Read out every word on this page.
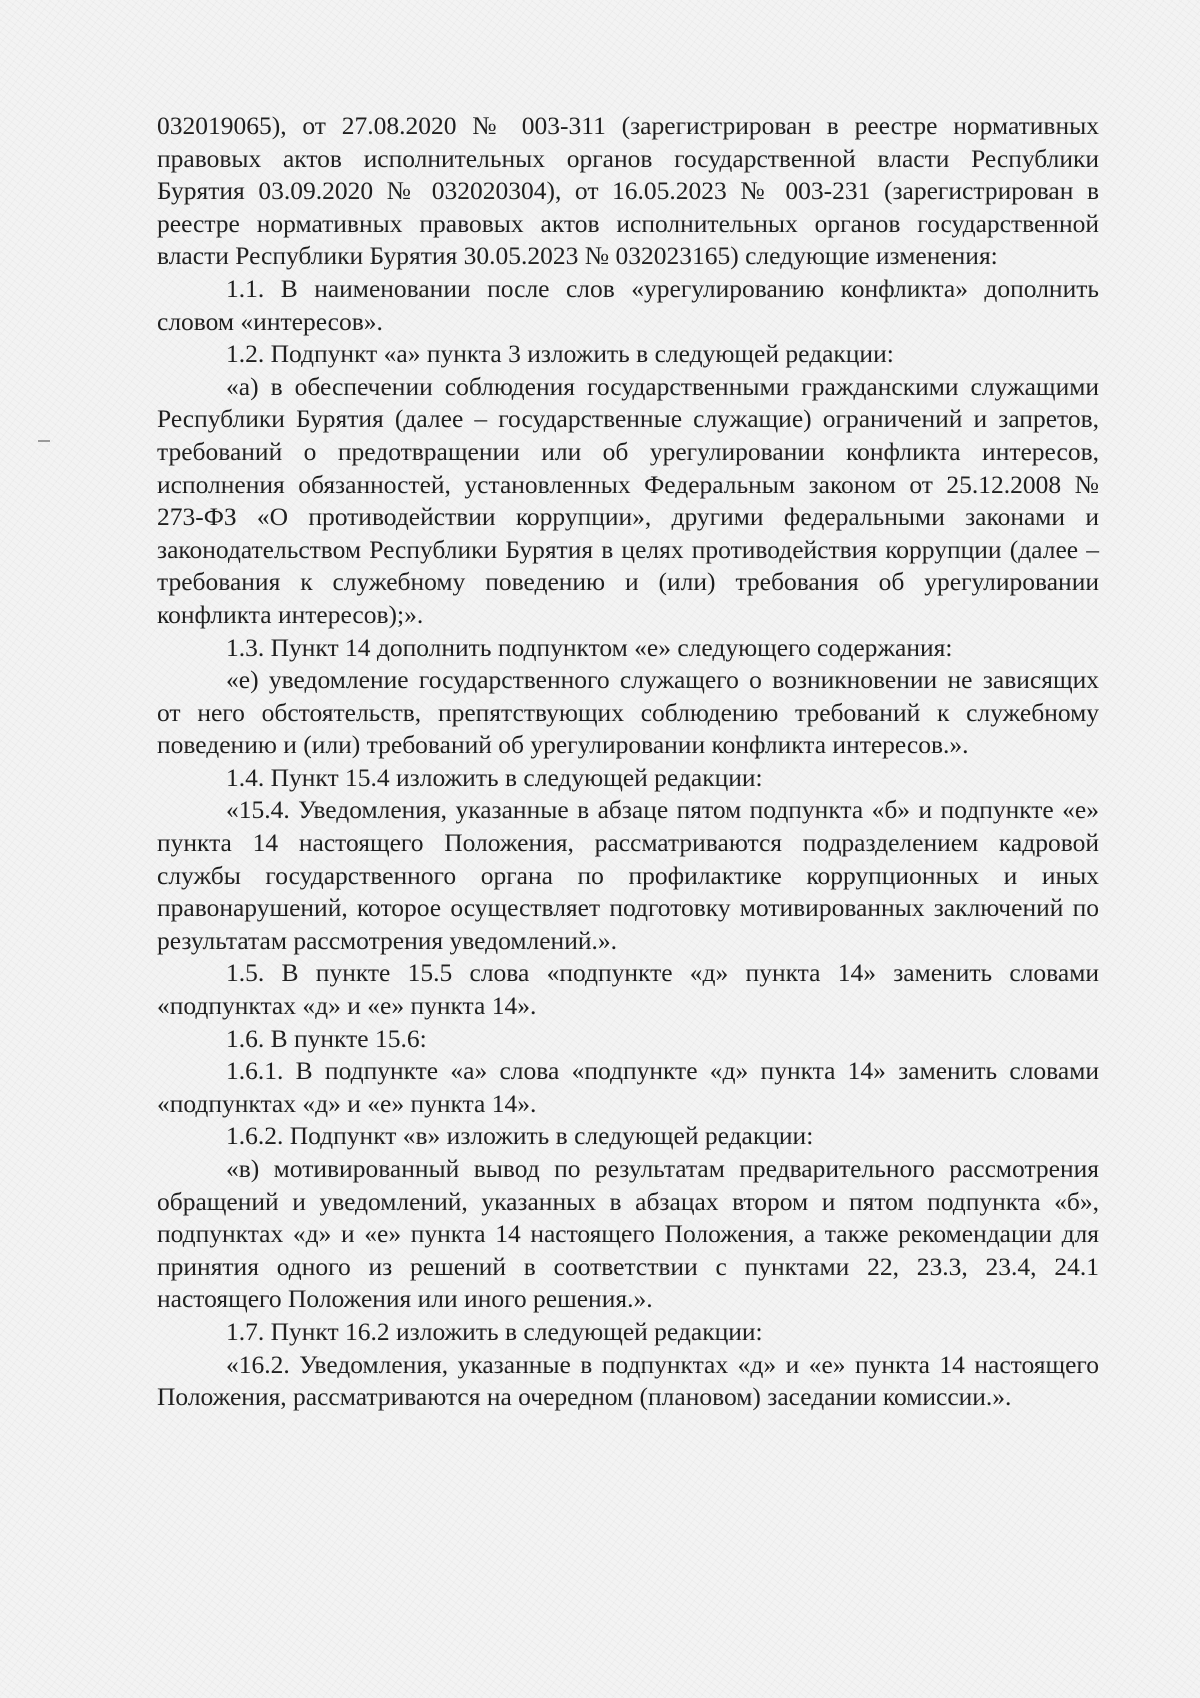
032019065), от 27.08.2020 № 003-311 (зарегистрирован в реестре нормативных правовых актов исполнительных органов государственной власти Республики Бурятия 03.09.2020 № 032020304), от 16.05.2023 № 003-231 (зарегистрирован в реестре нормативных правовых актов исполнительных органов государственной власти Республики Бурятия 30.05.2023 № 032023165) следующие изменения:

1.1. В наименовании после слов «урегулированию конфликта» дополнить словом «интересов».

1.2. Подпункт «а» пункта 3 изложить в следующей редакции:

«а) в обеспечении соблюдения государственными гражданскими служащими Республики Бурятия (далее – государственные служащие) ограничений и запретов, требований о предотвращении или об урегулировании конфликта интересов, исполнения обязанностей, установленных Федеральным законом от 25.12.2008 № 273-ФЗ «О противодействии коррупции», другими федеральными законами и законодательством Республики Бурятия в целях противодействия коррупции (далее – требования к служебному поведению и (или) требования об урегулировании конфликта интересов);».

1.3. Пункт 14 дополнить подпунктом «е» следующего содержания:

«е) уведомление государственного служащего о возникновении не зависящих от него обстоятельств, препятствующих соблюдению требований к служебному поведению и (или) требований об урегулировании конфликта интересов.».

1.4. Пункт 15.4 изложить в следующей редакции:

«15.4. Уведомления, указанные в абзаце пятом подпункта «б» и подпункте «е» пункта 14 настоящего Положения, рассматриваются подразделением кадровой службы государственного органа по профилактике коррупционных и иных правонарушений, которое осуществляет подготовку мотивированных заключений по результатам рассмотрения уведомлений.».

1.5. В пункте 15.5 слова «подпункте «д» пункта 14» заменить словами «подпунктах «д» и «е» пункта 14».

1.6. В пункте 15.6:

1.6.1. В подпункте «а» слова «подпункте «д» пункта 14» заменить словами «подпунктах «д» и «е» пункта 14».

1.6.2. Подпункт «в» изложить в следующей редакции:

«в) мотивированный вывод по результатам предварительного рассмотрения обращений и уведомлений, указанных в абзацах втором и пятом подпункта «б», подпунктах «д» и «е» пункта 14 настоящего Положения, а также рекомендации для принятия одного из решений в соответствии с пунктами 22, 23.3, 23.4, 24.1 настоящего Положения или иного решения.».

1.7. Пункт 16.2 изложить в следующей редакции:

«16.2. Уведомления, указанные в подпунктах «д» и «е» пункта 14 настоящего Положения, рассматриваются на очередном (плановом) заседании комиссии.».
